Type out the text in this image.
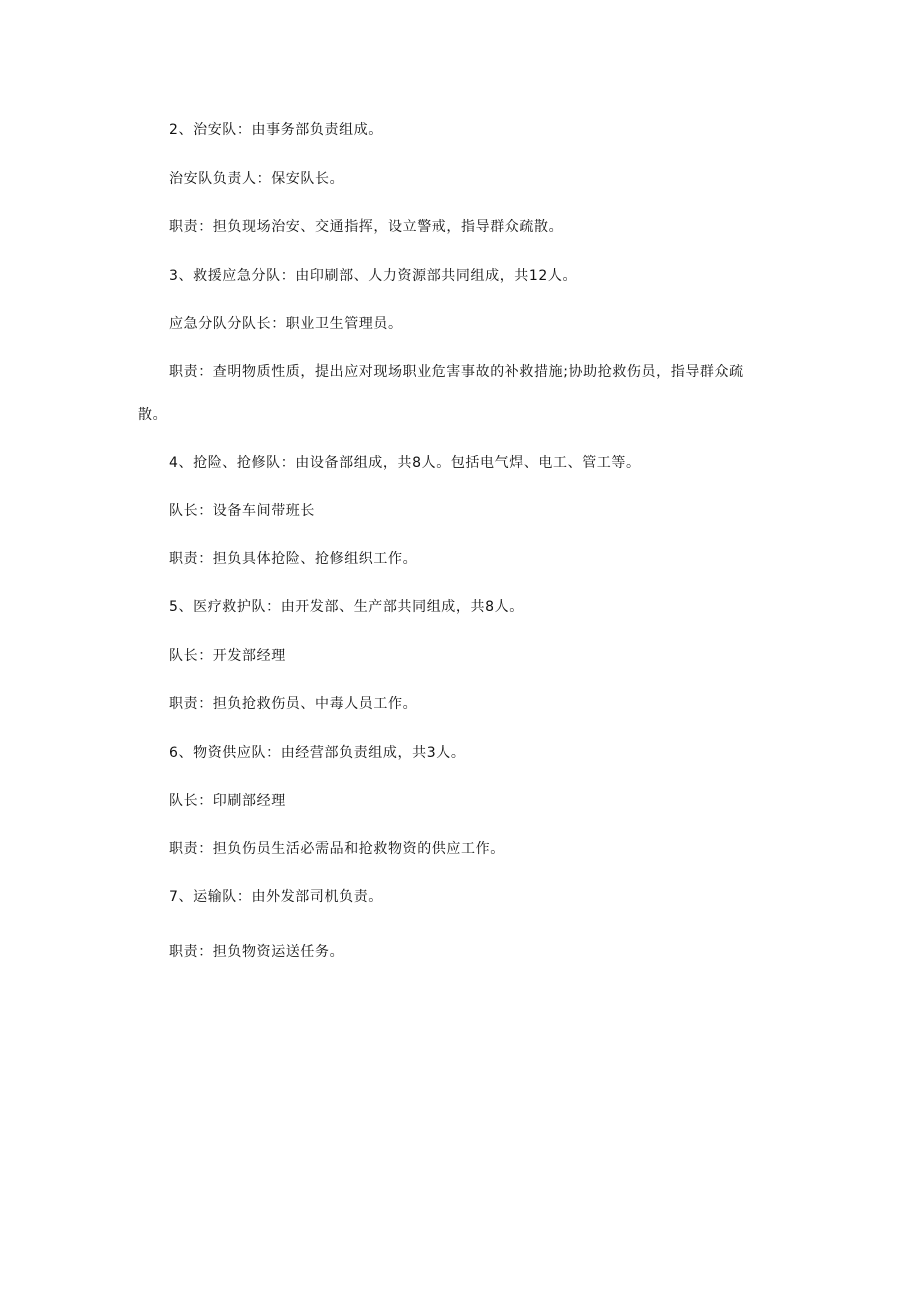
2、治安队：由事务部负责组成。
治安队负责人：保安队长。
职责：担负现场治安、交通指挥，设立警戒，指导群众疏散。
3、救援应急分队：由印刷部、人力资源部共同组成，共12人。
应急分队分队长：职业卫生管理员。
职责：查明物质性质，提出应对现场职业危害事故的补救措施;协助抢救伤员，指导群众疏
散。
4、抢险、抢修队：由设备部组成，共8人。包括电气焊、电工、管工等。
队长：设备车间带班长
职责：担负具体抢险、抢修组织工作。
5、医疗救护队：由开发部、生产部共同组成，共8人。
队长：开发部经理
职责：担负抢救伤员、中毒人员工作。
6、物资供应队：由经营部负责组成，共3人。
队长：印刷部经理
职责：担负伤员生活必需品和抢救物资的供应工作。
7、运输队：由外发部司机负责。
职责：担负物资运送任务。
